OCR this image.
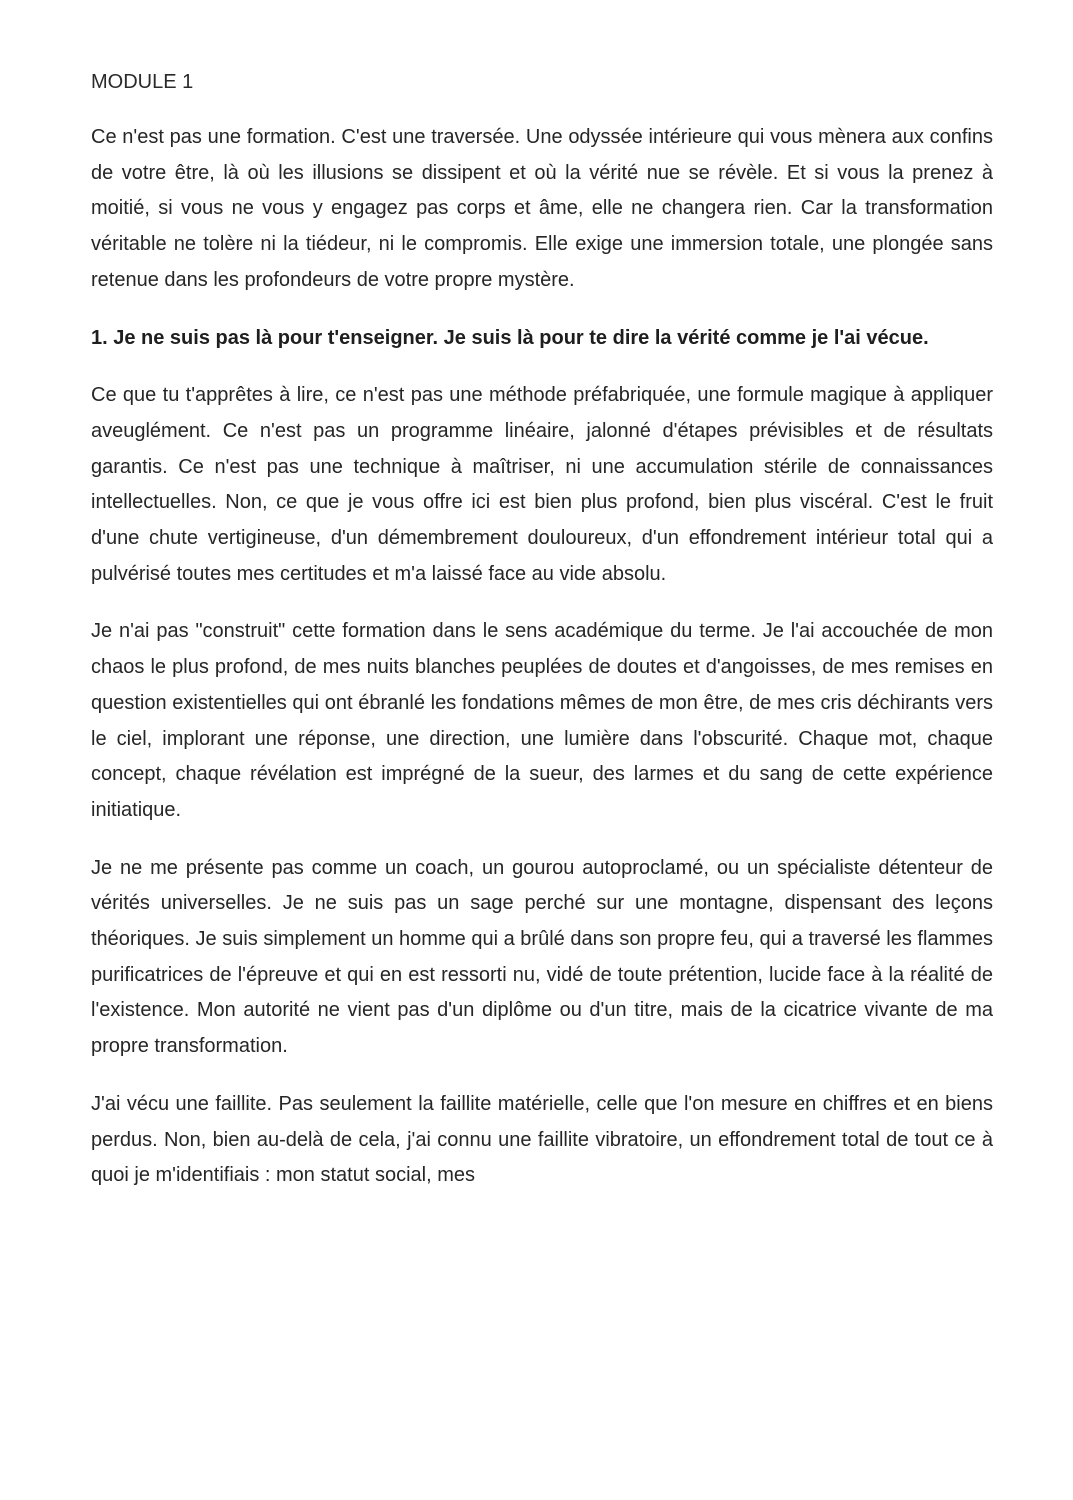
MODULE 1

Ce n'est pas une formation. C'est une traversée. Une odyssée intérieure qui vous mènera aux confins de votre être, là où les illusions se dissipent et où la vérité nue se révèle. Et si vous la prenez à moitié, si vous ne vous y engagez pas corps et âme, elle ne changera rien. Car la transformation véritable ne tolère ni la tiédeur, ni le compromis. Elle exige une immersion totale, une plongée sans retenue dans les profondeurs de votre propre mystère.

1. Je ne suis pas là pour t'enseigner. Je suis là pour te dire la vérité comme je l'ai vécue.

Ce que tu t'apprêtes à lire, ce n'est pas une méthode préfabriquée, une formule magique à appliquer aveuglément. Ce n'est pas un programme linéaire, jalonné d'étapes prévisibles et de résultats garantis. Ce n'est pas une technique à maîtriser, ni une accumulation stérile de connaissances intellectuelles. Non, ce que je vous offre ici est bien plus profond, bien plus viscéral. C'est le fruit d'une chute vertigineuse, d'un démembrement douloureux, d'un effondrement intérieur total qui a pulvérisé toutes mes certitudes et m'a laissé face au vide absolu.

Je n'ai pas "construit" cette formation dans le sens académique du terme. Je l'ai accouchée de mon chaos le plus profond, de mes nuits blanches peuplées de doutes et d'angoisses, de mes remises en question existentielles qui ont ébranlé les fondations mêmes de mon être, de mes cris déchirants vers le ciel, implorant une réponse, une direction, une lumière dans l'obscurité. Chaque mot, chaque concept, chaque révélation est imprégné de la sueur, des larmes et du sang de cette expérience initiatique.

Je ne me présente pas comme un coach, un gourou autoproclamé, ou un spécialiste détenteur de vérités universelles. Je ne suis pas un sage perché sur une montagne, dispensant des leçons théoriques. Je suis simplement un homme qui a brûlé dans son propre feu, qui a traversé les flammes purificatrices de l'épreuve et qui en est ressorti nu, vidé de toute prétention, lucide face à la réalité de l'existence. Mon autorité ne vient pas d'un diplôme ou d'un titre, mais de la cicatrice vivante de ma propre transformation.

J'ai vécu une faillite. Pas seulement la faillite matérielle, celle que l'on mesure en chiffres et en biens perdus. Non, bien au-delà de cela, j'ai connu une faillite vibratoire, un effondrement total de tout ce à quoi je m'identifiais : mon statut social, mes
